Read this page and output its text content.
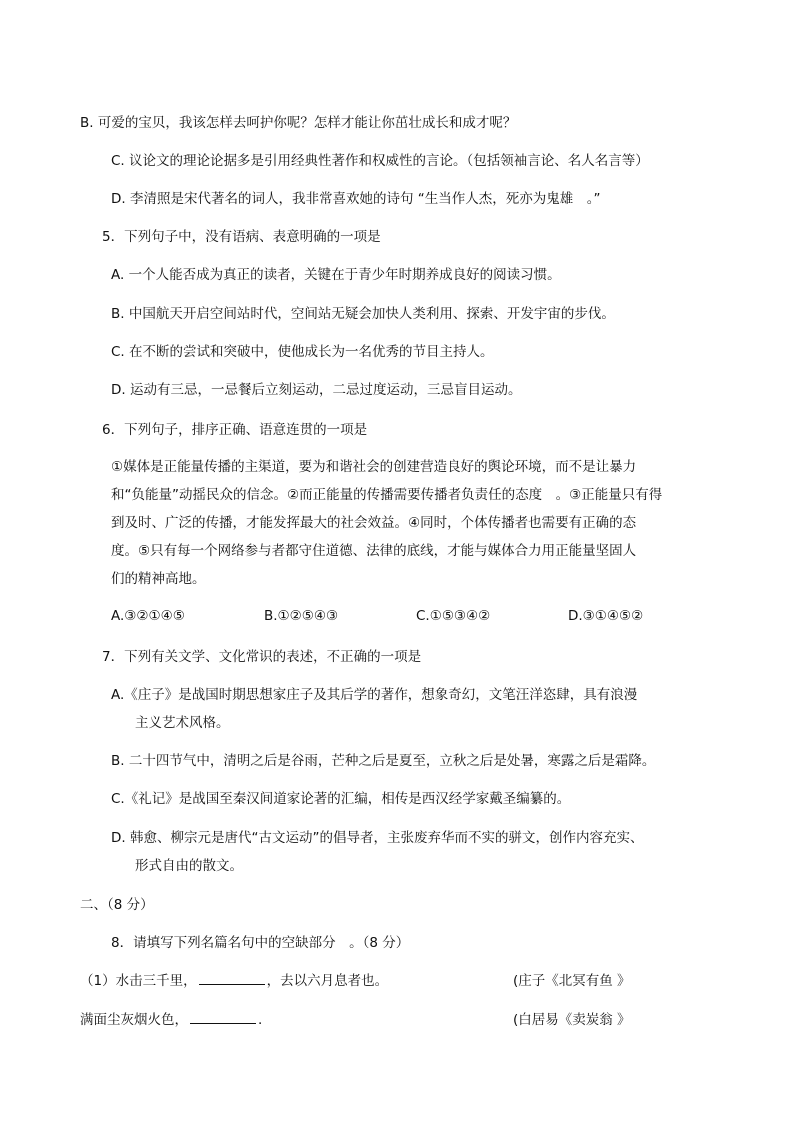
B. 可爱的宝贝，我该怎样去呵护你呢？怎样才能让你茁壮成长和成才呢？
C. 议论文的理论论据多是引用经典性著作和权威性的言论。（包括领袖言论、名人名言等）
D. 李清照是宋代著名的词人，我非常喜欢她的诗句 “生当作人杰，死亦为鬼雄　。”
5．下列句子中，没有语病、表意明确的一项是
A. 一个人能否成为真正的读者，关键在于青少年时期养成良好的阅读习惯。
B. 中国航天开启空间站时代，空间站无疑会加快人类利用、探索、开发宇宙的步伐。
C. 在不断的尝试和突破中，使他成长为一名优秀的节目主持人。
D. 运动有三忌，一忌餐后立刻运动，二忌过度运动，三忌盲目运动。
6．下列句子，排序正确、语意连贯的一项是
①媒体是正能量传播的主渠道，要为和谐社会的创建营造良好的舆论环境，而不是让暴力
和“负能量”动摇民众的信念。②而正能量的传播需要传播者负责任的态度　。③正能量只有得
到及时、广泛的传播，才能发挥最大的社会效益。④同时，个体传播者也需要有正确的态
度。⑤只有每一个网络参与者都守住道德、法律的底线，才能与媒体合力用正能量坚固人
们的精神高地。
A.③②①④⑤	B.①②⑤④③	C.①⑤③④②	D.③①④⑤②
7．下列有关文学、文化常识的表述，不正确的一项是
A.《庄子》是战国时期思想家庄子及其后学的著作，想象奇幻，文笔汪洋恣肆，具有浪漫
主义艺术风格。
B. 二十四节气中，清明之后是谷雨，芒种之后是夏至，立秋之后是处暑，寒露之后是霜降。
C.《礼记》是战国至秦汉间道家论著的汇编，相传是西汉经学家戴圣编纂的。
D. 韩愈、柳宗元是唐代“古文运动”的倡导者，主张废弃华而不实的骈文，创作内容充实、
形式自由的散文。
二、（8 分）
8．请填写下列名篇名句中的空缺部分　。（8 分）
（1）水击三千里，	，去以六月息者也。	(庄子《北冥有鱼 》
满面尘灰烟火色，	.	(白居易《卖炭翁 》
